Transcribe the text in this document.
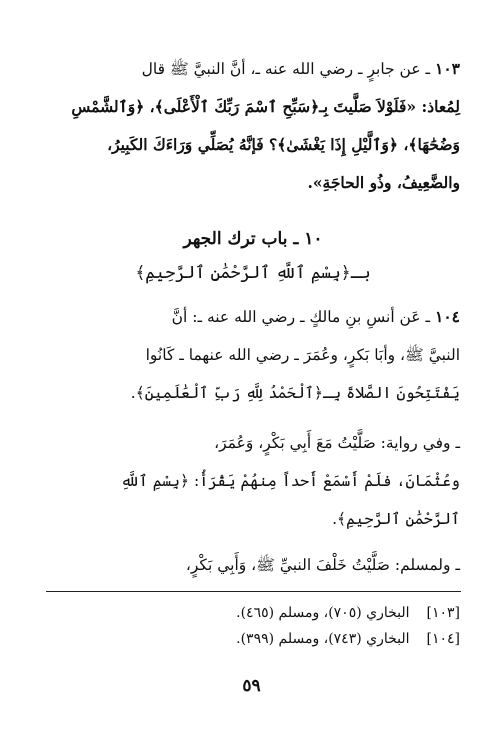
١٠٣ ـ عن جابرٍ ـ رضي الله عنه ـ، أنَّ النبيَّ ﷺ قال
لِمُعاذ: «فَلَوْلاَ صَلَّيتَ بِـ﴿سَبِّحِ ٱسْمَ رَبِّكَ ٱلْأَعْلَى﴾، ﴿وَٱلشَّمْسِ
وَضُحَٰهَا﴾، ﴿وَٱلَّيْلِ إِذَا يَغْشَىٰ﴾؟ فَإنَّهُ يُصَلِّي وَرَاءَكَ الكَبِيرُ،
والضَّعِيفُ، وذُو الحاجَةِ».

١٠ ـ باب ترك الجهر
بـ﴿بِسْمِ ٱللَّهِ ٱلرَّحْمَٰنِ ٱلرَّحِيمِ﴾

١٠٤ ـ عَن أنسِ بنِ مالكٍ ـ رضي الله عنه ـ: أنَّ
النبيَّ ﷺ، وأبَا بَكرٍ، وعُمَرَ ـ رضي الله عنهما ـ كَانُوا
يَفْتَتِحُونَ الصَّلاةَ بِـ﴿ٱلْحَمْدُ لِلَّهِ رَبِّ ٱلْعَٰلَمِينَ﴾.

ـ وفي رواية: صَلَّيْتُ مَعَ أَبِي بَكْرٍ، وَعُمَرَ،
وعُثْمَانَ، فلَمْ أَسْمَعْ أَحداً مِنهُمْ يَقْرَأُ: ﴿بِسْمِ ٱللَّهِ
ٱلرَّحْمَٰنِ ٱلرَّحِيمِ﴾.

ـ ولمسلم: صَلَّيْتُ خَلْفَ النبيِّ ﷺ، وَأَبِي بَكْرٍ،

[١٠٣] البخاري (٧٠٥)، ومسلم (٤٦٥).
[١٠٤] البخاري (٧٤٣)، ومسلم (٣٩٩).
٥٩
